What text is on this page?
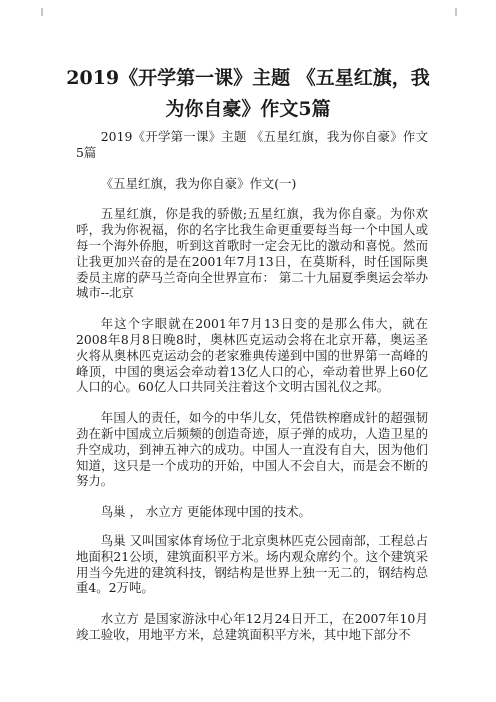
2019《开学第一课》主题 《五星红旗，我
为你自豪》作文5篇

2019《开学第一课》主题 《五星红旗，我为你自豪》作文5篇

《五星红旗，我为你自豪》作文(一)

五星红旗，你是我的骄傲;五星红旗，我为你自豪。为你欢呼，我为你祝福，你的名字比我生命更重要每当每一个中国人或每一个海外侨胞，听到这首歌时一定会无比的激动和喜悦。然而让我更加兴奋的是在2001年7月13日，在莫斯科，时任国际奥委员主席的萨马兰奇向全世界宣布： 第二十九届夏季奥运会举办城市--北京

年这个字眼就在2001年7月13日变的是那么伟大，就在2008年8月8日晚8时，奥林匹克运动会将在北京开幕，奥运圣火将从奥林匹克运动会的老家雅典传递到中国的世界第一高峰的峰顶，中国的奥运会牵动着13亿人口的心，牵动着世界上60亿人口的心。60亿人口共同关注着这个文明古国礼仪之邦。

年国人的责任，如今的中华儿女，凭借铁榨磨成针的超强韧劲在新中国成立后频频的创造奇迹，原子弹的成功，人造卫星的升空成功，到神五神六的成功。中国人一直没有自大，因为他们知道，这只是一个成功的开始，中国人不会自大，而是会不断的努力。

鸟巢 ， 水立方 更能体现中国的技术。

鸟巢 又叫国家体育场位于北京奥林匹克公园南部，工程总占地面积21公顷，建筑面积平方米。场内观众席约个。这个建筑采用当今先进的建筑科技，钢结构是世界上独一无二的，钢结构总重4。2万吨。

水立方 是国家游泳中心年12月24日开工，在2007年10月竣工验收，用地平方米，总建筑面积平方米，其中地下部分不
